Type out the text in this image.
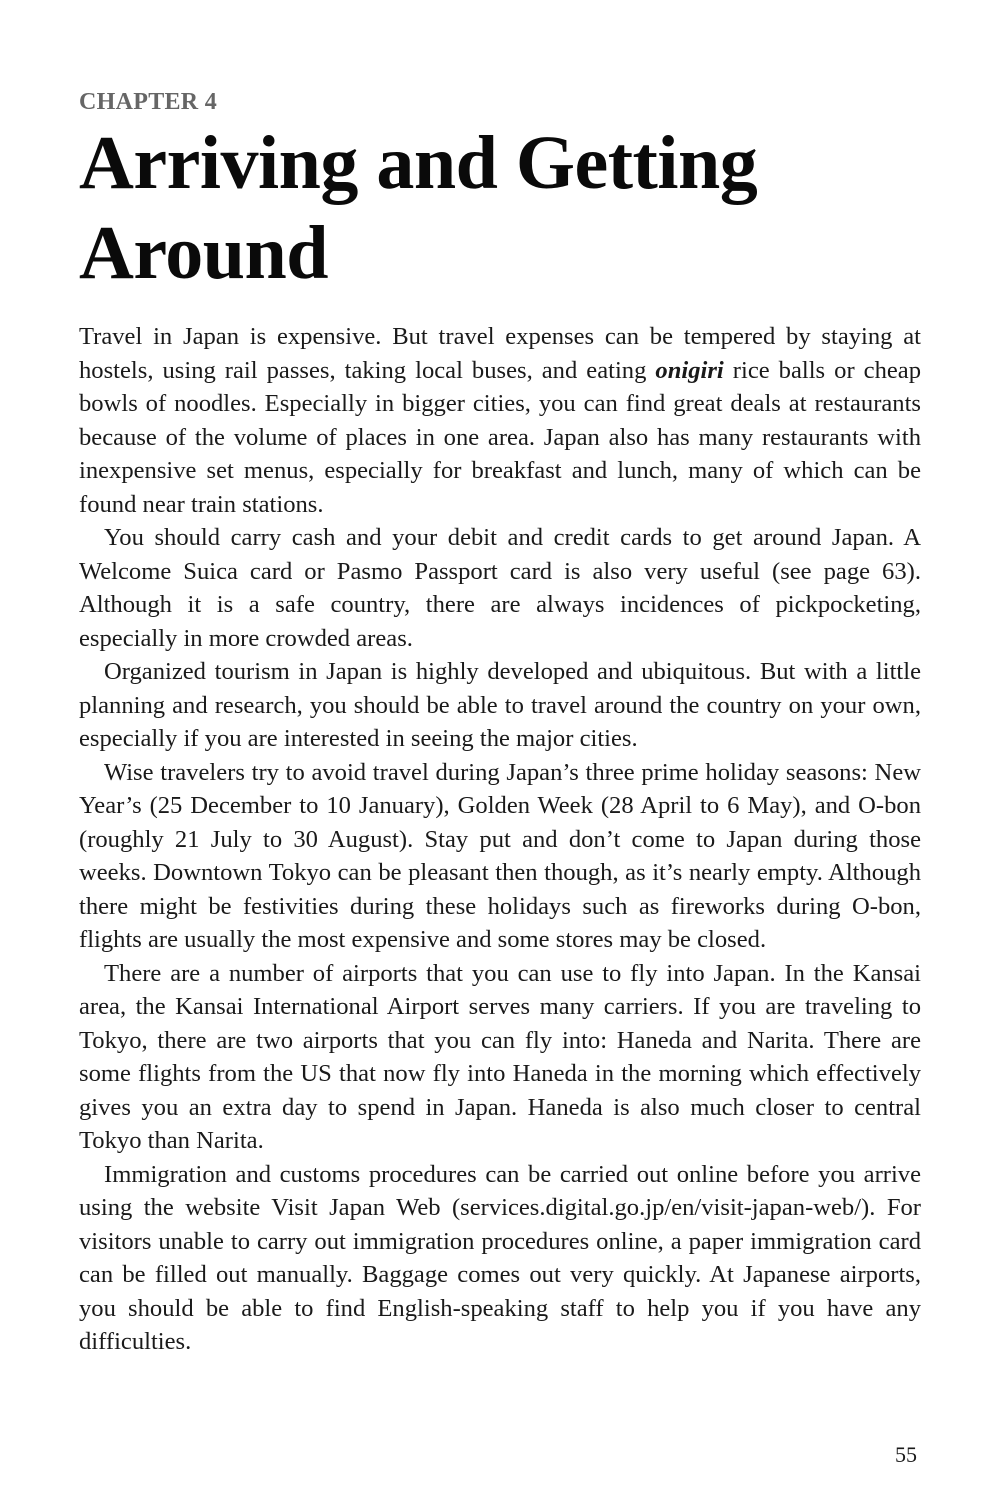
CHAPTER 4
Arriving and Getting Around

Travel in Japan is expensive. But travel expenses can be tempered by staying at hostels, using rail passes, taking local buses, and eating onigiri rice balls or cheap bowls of noodles. Especially in bigger cities, you can find great deals at restaurants because of the volume of places in one area. Japan also has many restaurants with inexpensive set menus, especially for breakfast and lunch, many of which can be found near train stations.

You should carry cash and your debit and credit cards to get around Japan. A Welcome Suica card or Pasmo Passport card is also very useful (see page 63). Although it is a safe country, there are always incidences of pickpocketing, especially in more crowded areas.

Organized tourism in Japan is highly developed and ubiquitous. But with a little planning and research, you should be able to travel around the country on your own, especially if you are interested in seeing the major cities.

Wise travelers try to avoid travel during Japan’s three prime holiday seasons: New Year’s (25 December to 10 January), Golden Week (28 April to 6 May), and O-bon (roughly 21 July to 30 August). Stay put and don’t come to Japan during those weeks. Downtown Tokyo can be pleasant then though, as it’s nearly empty. Although there might be festivities during these holidays such as fireworks during O-bon, flights are usually the most expensive and some stores may be closed.

There are a number of airports that you can use to fly into Japan. In the Kansai area, the Kansai International Airport serves many carriers. If you are traveling to Tokyo, there are two airports that you can fly into: Haneda and Narita. There are some flights from the US that now fly into Haneda in the morning which effectively gives you an extra day to spend in Japan. Haneda is also much closer to central Tokyo than Narita.

Immigration and customs procedures can be carried out online before you arrive using the website Visit Japan Web (services.digital.go.jp/en/visit-​japan-web/). For visitors unable to carry out immigration procedures online, a paper immigration card can be filled out manually. Baggage comes out very quickly. At Japanese airports, you should be able to find English-​speaking staff to help you if you have any difficulties.

55
